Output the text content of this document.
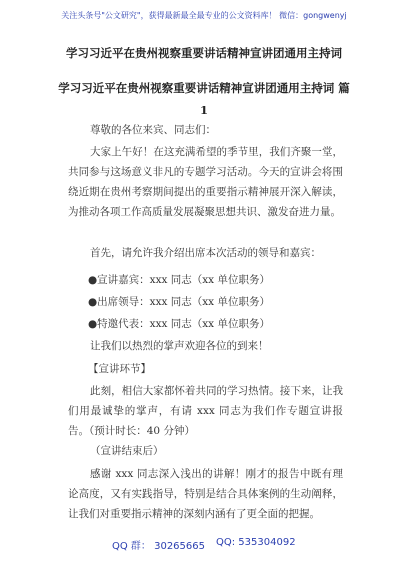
关注头条号"公文研究"，获得最新最全最专业的公文资料库！ 微信：gongwenyj
学习习近平在贵州视察重要讲话精神宣讲团通用主持词
学习习近平在贵州视察重要讲话精神宣讲团通用主持词 篇
1
尊敬的各位来宾、同志们：
大家上午好！在这充满希望的季节里，我们齐聚一堂，共同参与这场意义非凡的专题学习活动。今天的宣讲会将围绕近期在贵州考察期间提出的重要指示精神展开深入解读，为推动各项工作高质量发展凝聚思想共识、激发奋进力量。
首先，请允许我介绍出席本次活动的领导和嘉宾：
●宣讲嘉宾：xxx 同志（xx 单位职务）
●出席领导：xxx 同志（xx 单位职务）
●特邀代表：xxx 同志（xx 单位职务）
让我们以热烈的掌声欢迎各位的到来！
【宣讲环节】
此刻，相信大家都怀着共同的学习热情。接下来，让我们用最诚挚的掌声，有请 xxx 同志为我们作专题宣讲报告。（预计时长：40 分钟）
（宣讲结束后）
感谢 xxx 同志深入浅出的讲解！刚才的报告中既有理论高度，又有实践指导，特别是结合具体案例的生动阐释，让我们对重要指示精神的深刻内涵有了更全面的把握。
QQ 群： 30265665 QQ: 535304092
